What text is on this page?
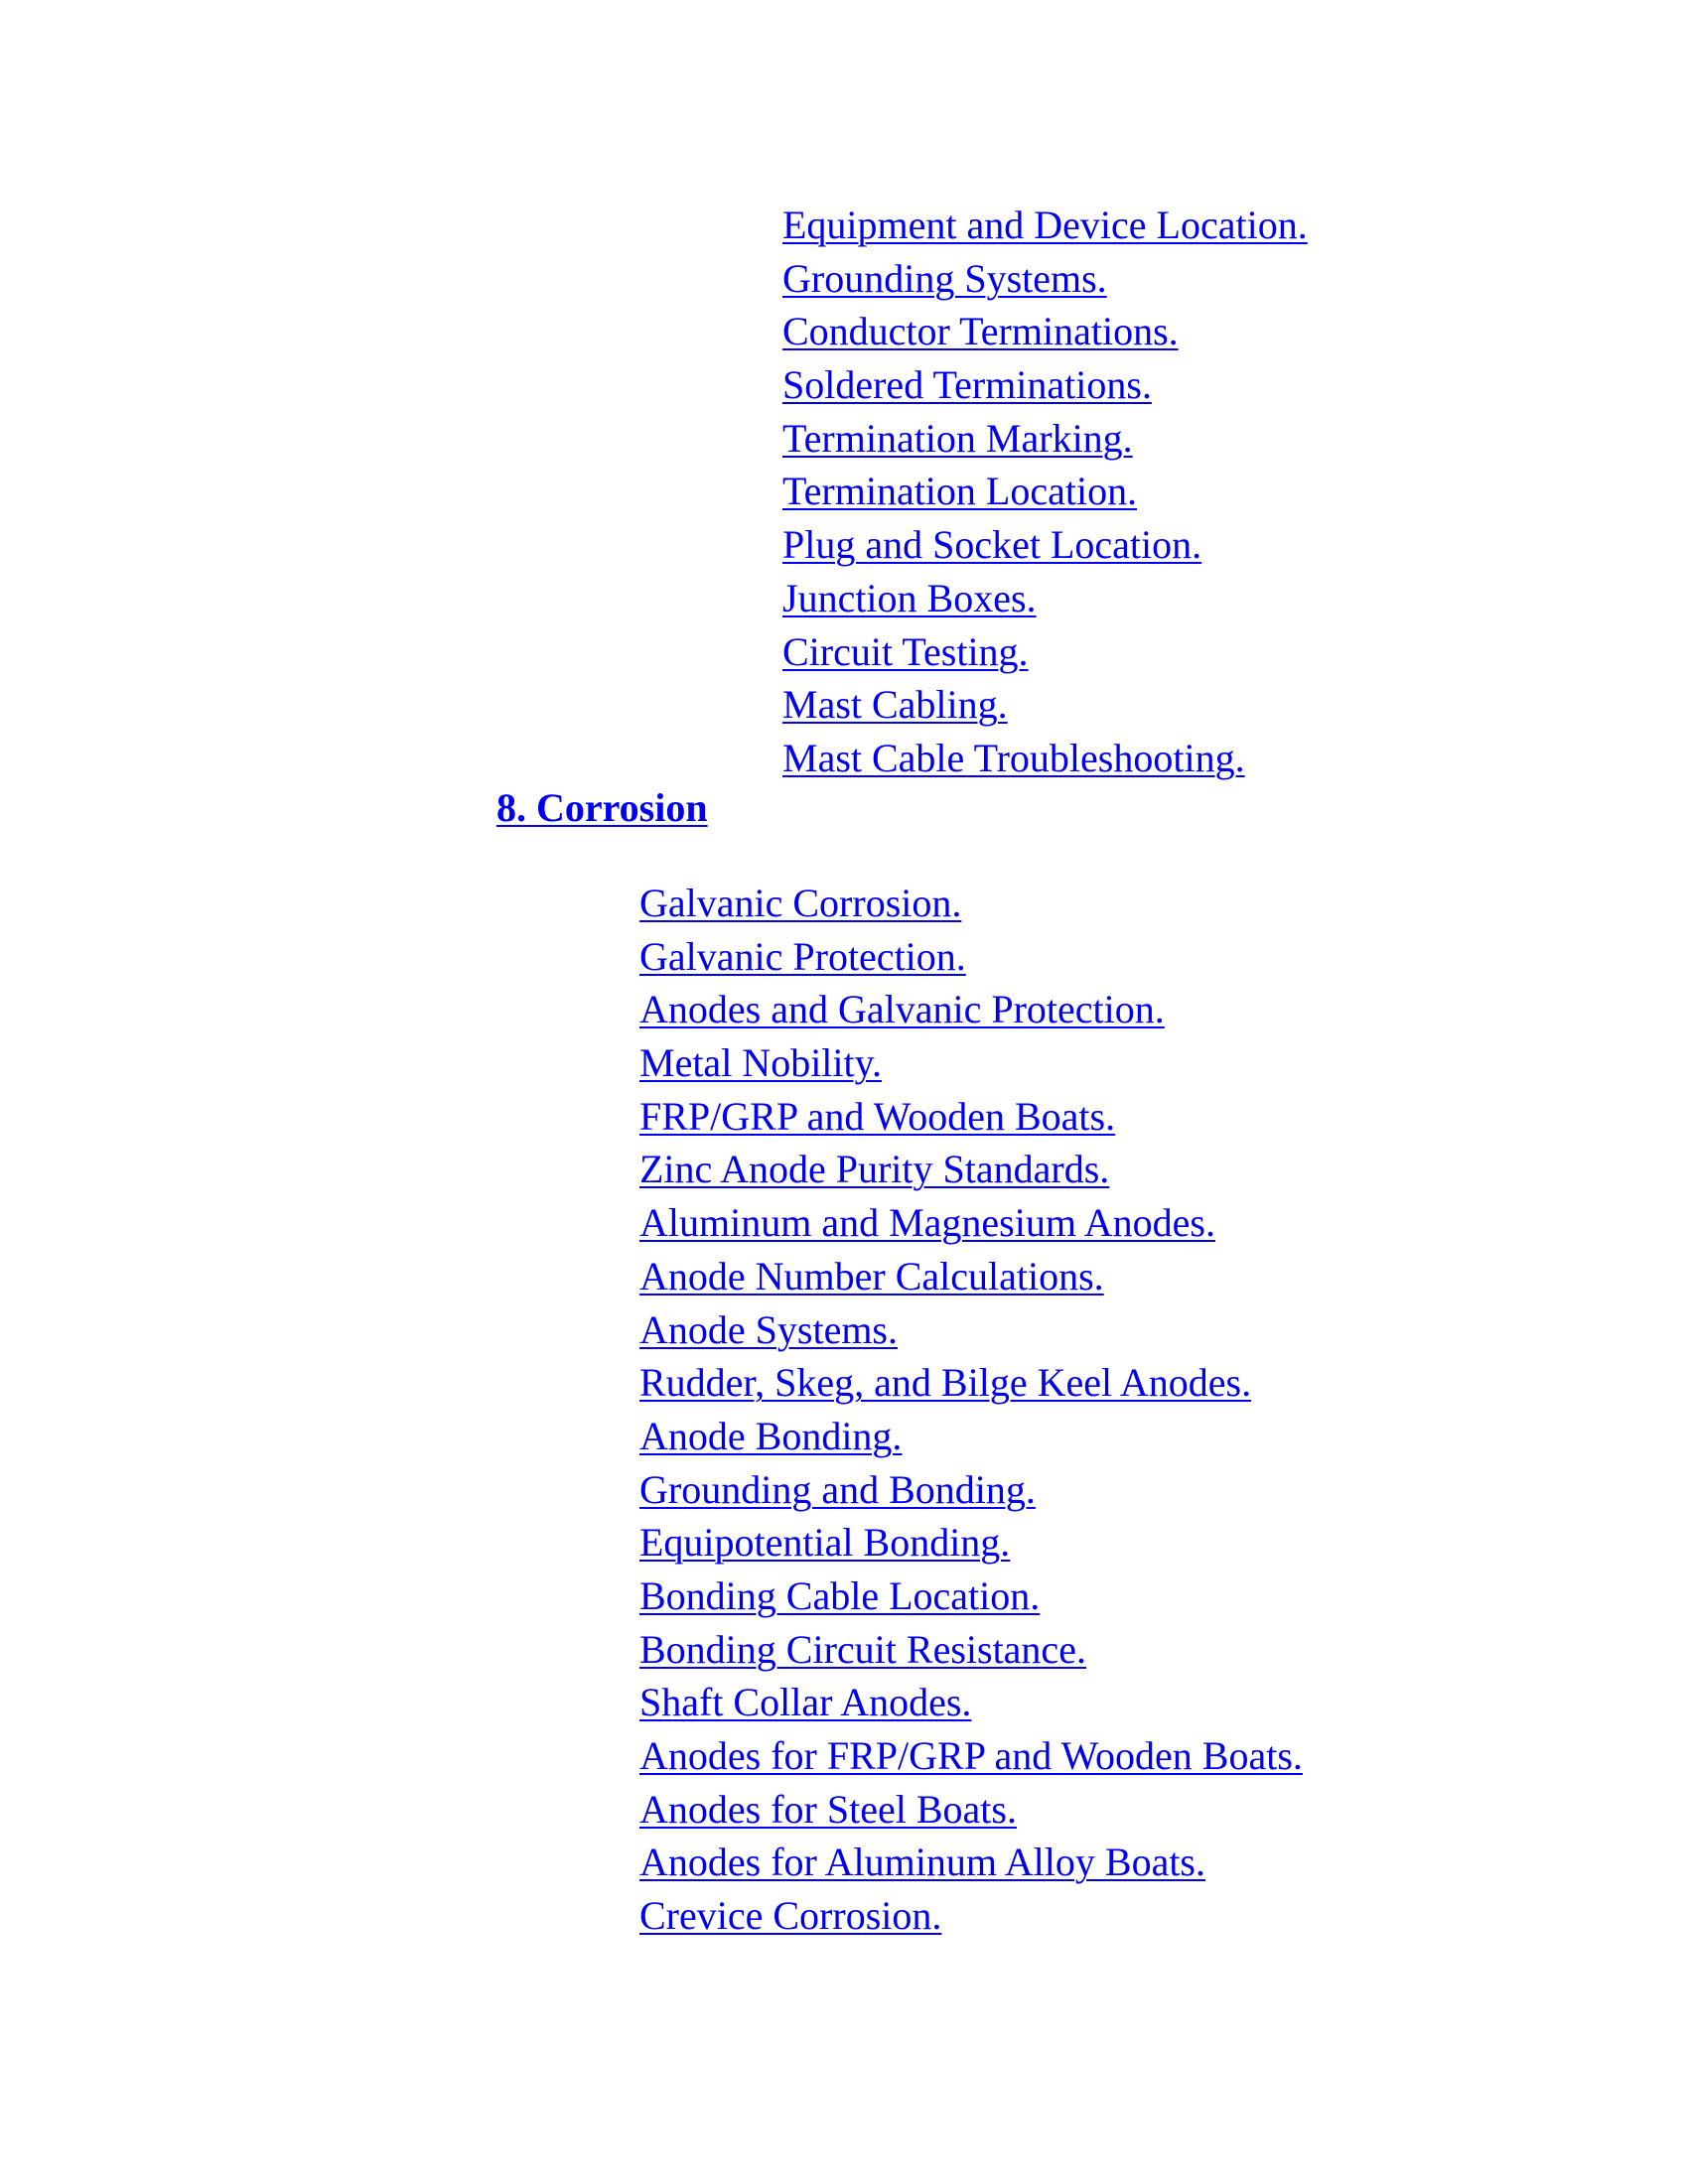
Equipment and Device Location.
Grounding Systems.
Conductor Terminations.
Soldered Terminations.
Termination Marking.
Termination Location.
Plug and Socket Location.
Junction Boxes.
Circuit Testing.
Mast Cabling.
Mast Cable Troubleshooting.

8. Corrosion

Galvanic Corrosion.
Galvanic Protection.
Anodes and Galvanic Protection.
Metal Nobility.
FRP/GRP and Wooden Boats.
Zinc Anode Purity Standards.
Aluminum and Magnesium Anodes.
Anode Number Calculations.
Anode Systems.
Rudder, Skeg, and Bilge Keel Anodes.
Anode Bonding.
Grounding and Bonding.
Equipotential Bonding.
Bonding Cable Location.
Bonding Circuit Resistance.
Shaft Collar Anodes.
Anodes for FRP/GRP and Wooden Boats.
Anodes for Steel Boats.
Anodes for Aluminum Alloy Boats.
Crevice Corrosion.
